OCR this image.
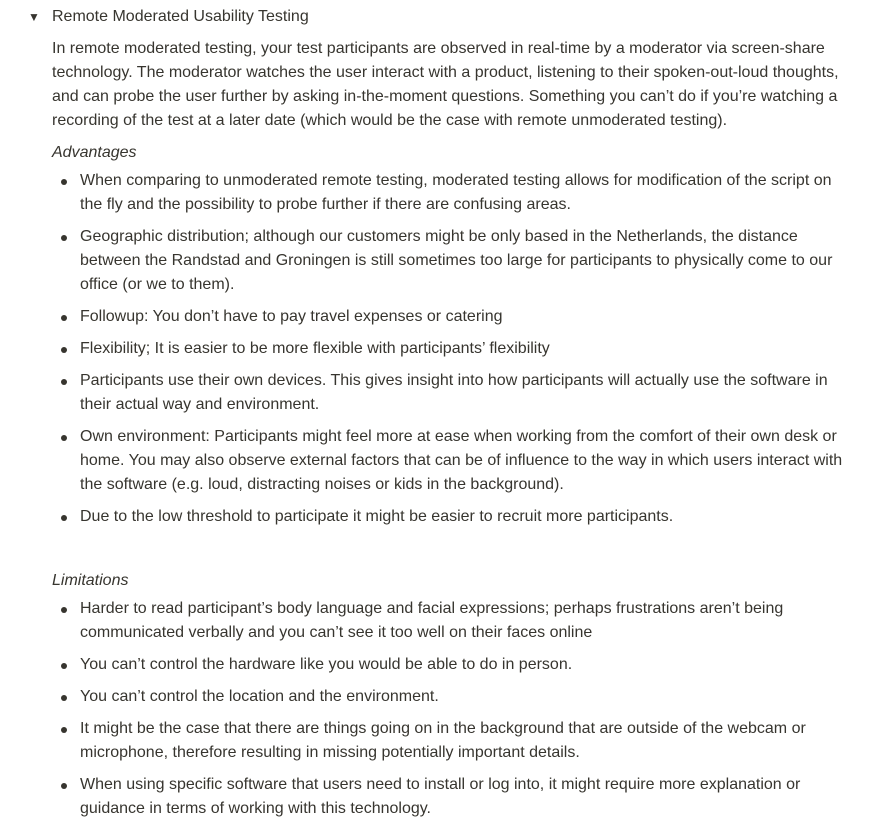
▼ Remote Moderated Usability Testing

In remote moderated testing, your test participants are observed in real-time by a moderator via screen-share technology. The moderator watches the user interact with a product, listening to their spoken-out-loud thoughts, and can probe the user further by asking in-the-moment questions. Something you can’t do if you’re watching a recording of the test at a later date (which would be the case with remote unmoderated testing).

Advantages
When comparing to unmoderated remote testing, moderated testing allows for modification of the script on the fly and the possibility to probe further if there are confusing areas.
Geographic distribution; although our customers might be only based in the Netherlands, the distance between the Randstad and Groningen is still sometimes too large for participants to physically come to our office (or we to them).
Followup: You don’t have to pay travel expenses or catering
Flexibility; It is easier to be more flexible with participants’ flexibility
Participants use their own devices. This gives insight into how participants will actually use the software in their actual way and environment.
Own environment: Participants might feel more at ease when working from the comfort of their own desk or home. You may also observe external factors that can be of influence to the way in which users interact with the software (e.g. loud, distracting noises or kids in the background).
Due to the low threshold to participate it might be easier to recruit more participants.
Limitations
Harder to read participant’s body language and facial expressions; perhaps frustrations aren’t being communicated verbally and you can’t see it too well on their faces online
You can’t control the hardware like you would be able to do in person.
You can’t control the location and the environment.
It might be the case that there are things going on in the background that are outside of the webcam or microphone, therefore resulting in missing potentially important details.
When using specific software that users need to install or log into, it might require more explanation or guidance in terms of working with this technology.
